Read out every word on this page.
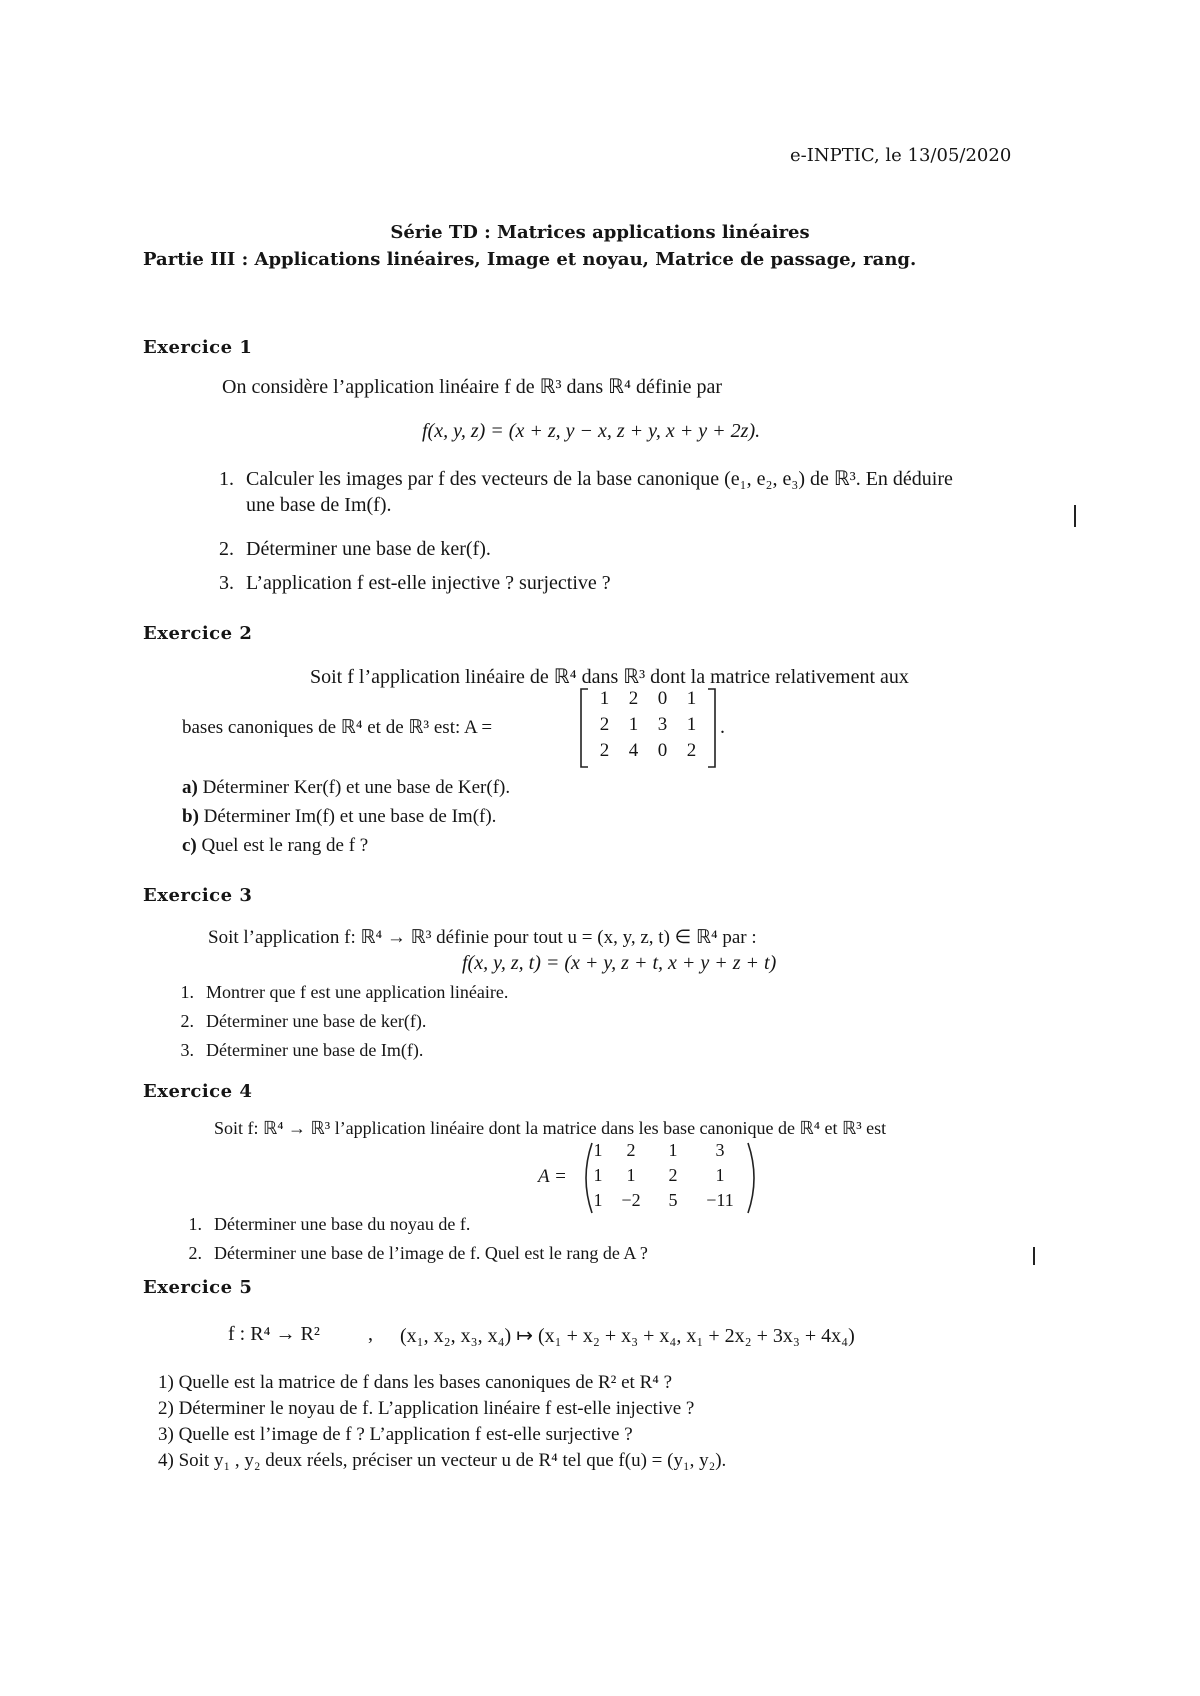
e-INPTIC, le 13/05/2020
Série TD : Matrices applications linéaires
Partie III : Applications linéaires, Image et noyau, Matrice de passage, rang.
Exercice 1
On considère l’application linéaire f de ℝ³ dans ℝ⁴ définie par
f(x, y, z) = (x + z, y − x, z + y, x + y + 2z).
1. Calculer les images par f des vecteurs de la base canonique (e₁, e₂, e₃) de ℝ³. En déduire
une base de Im(f).
2. Déterminer une base de ker(f).
3. L’application f est-elle injective ? surjective ?
Exercice 2
Soit f l’application linéaire de ℝ⁴ dans ℝ³ dont la matrice relativement aux
bases canoniques de ℝ⁴ et de ℝ³ est: A =
1	2	0	1
2	1	3	1
2	4	0	2
.
a) Déterminer Ker(f) et une base de Ker(f).
b) Déterminer Im(f) et une base de Im(f).
c) Quel est le rang de f ?
Exercice 3
Soit l’application f: ℝ⁴ → ℝ³ définie pour tout u = (x, y, z, t) ∈ ℝ⁴ par :
f(x, y, z, t) = (x + y, z + t, x + y + z + t)
1. Montrer que f est une application linéaire.
2. Déterminer une base de ker(f).
3. Déterminer une base de Im(f).
Exercice 4
Soit f: ℝ⁴ → ℝ³ l’application linéaire dont la matrice dans les base canonique de ℝ⁴ et ℝ³ est
A =
1	2	1	3
1	1	2	1
1	−2	5	−11
1. Déterminer une base du noyau de f.
2. Déterminer une base de l’image de f. Quel est le rang de A ?
Exercice 5
f : R⁴ → R² , (x₁, x₂, x₃, x₄) ↦ (x₁ + x₂ + x₃ + x₄, x₁ + 2x₂ + 3x₃ + 4x₄)
1) Quelle est la matrice de f dans les bases canoniques de R² et R⁴ ?
2) Déterminer le noyau de f. L’application linéaire f est-elle injective ?
3) Quelle est l’image de f ? L’application f est-elle surjective ?
4) Soit y₁ , y₂ deux réels, préciser un vecteur u de R⁴ tel que f(u) = (y₁, y₂).
